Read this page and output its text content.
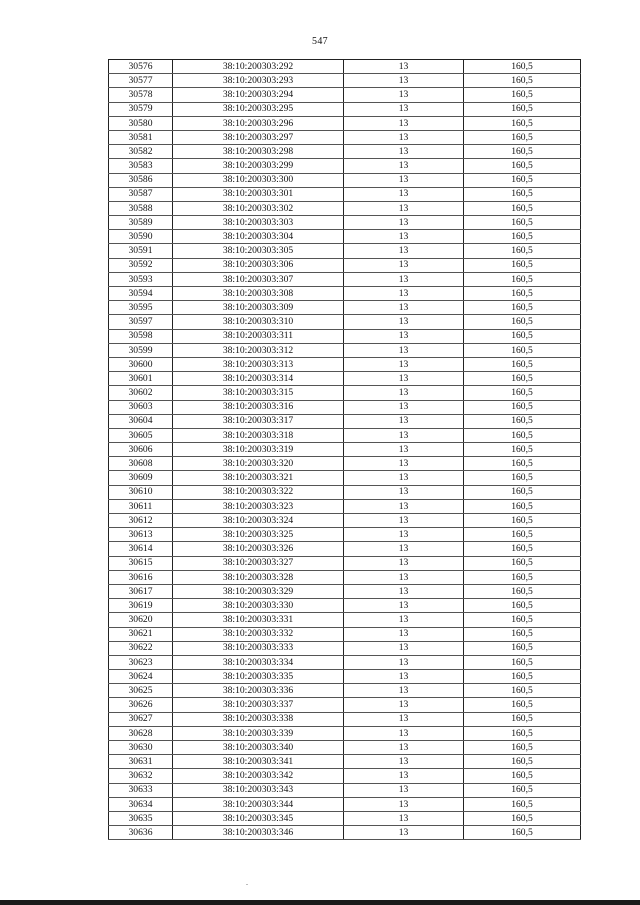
547
30576	38:10:200303:292	13	160,5
30577	38:10:200303:293	13	160,5
30578	38:10:200303:294	13	160,5
30579	38:10:200303:295	13	160,5
30580	38:10:200303:296	13	160,5
30581	38:10:200303:297	13	160,5
30582	38:10:200303:298	13	160,5
30583	38:10:200303:299	13	160,5
30586	38:10:200303:300	13	160,5
30587	38:10:200303:301	13	160,5
30588	38:10:200303:302	13	160,5
30589	38:10:200303:303	13	160,5
30590	38:10:200303:304	13	160,5
30591	38:10:200303:305	13	160,5
30592	38:10:200303:306	13	160,5
30593	38:10:200303:307	13	160,5
30594	38:10:200303:308	13	160,5
30595	38:10:200303:309	13	160,5
30597	38:10:200303:310	13	160,5
30598	38:10:200303:311	13	160,5
30599	38:10:200303:312	13	160,5
30600	38:10:200303:313	13	160,5
30601	38:10:200303:314	13	160,5
30602	38:10:200303:315	13	160,5
30603	38:10:200303:316	13	160,5
30604	38:10:200303:317	13	160,5
30605	38:10:200303:318	13	160,5
30606	38:10:200303:319	13	160,5
30608	38:10:200303:320	13	160,5
30609	38:10:200303:321	13	160,5
30610	38:10:200303:322	13	160,5
30611	38:10:200303:323	13	160,5
30612	38:10:200303:324	13	160,5
30613	38:10:200303:325	13	160,5
30614	38:10:200303:326	13	160,5
30615	38:10:200303:327	13	160,5
30616	38:10:200303:328	13	160,5
30617	38:10:200303:329	13	160,5
30619	38:10:200303:330	13	160,5
30620	38:10:200303:331	13	160,5
30621	38:10:200303:332	13	160,5
30622	38:10:200303:333	13	160,5
30623	38:10:200303:334	13	160,5
30624	38:10:200303:335	13	160,5
30625	38:10:200303:336	13	160,5
30626	38:10:200303:337	13	160,5
30627	38:10:200303:338	13	160,5
30628	38:10:200303:339	13	160,5
30630	38:10:200303:340	13	160,5
30631	38:10:200303:341	13	160,5
30632	38:10:200303:342	13	160,5
30633	38:10:200303:343	13	160,5
30634	38:10:200303:344	13	160,5
30635	38:10:200303:345	13	160,5
30636	38:10:200303:346	13	160,5
